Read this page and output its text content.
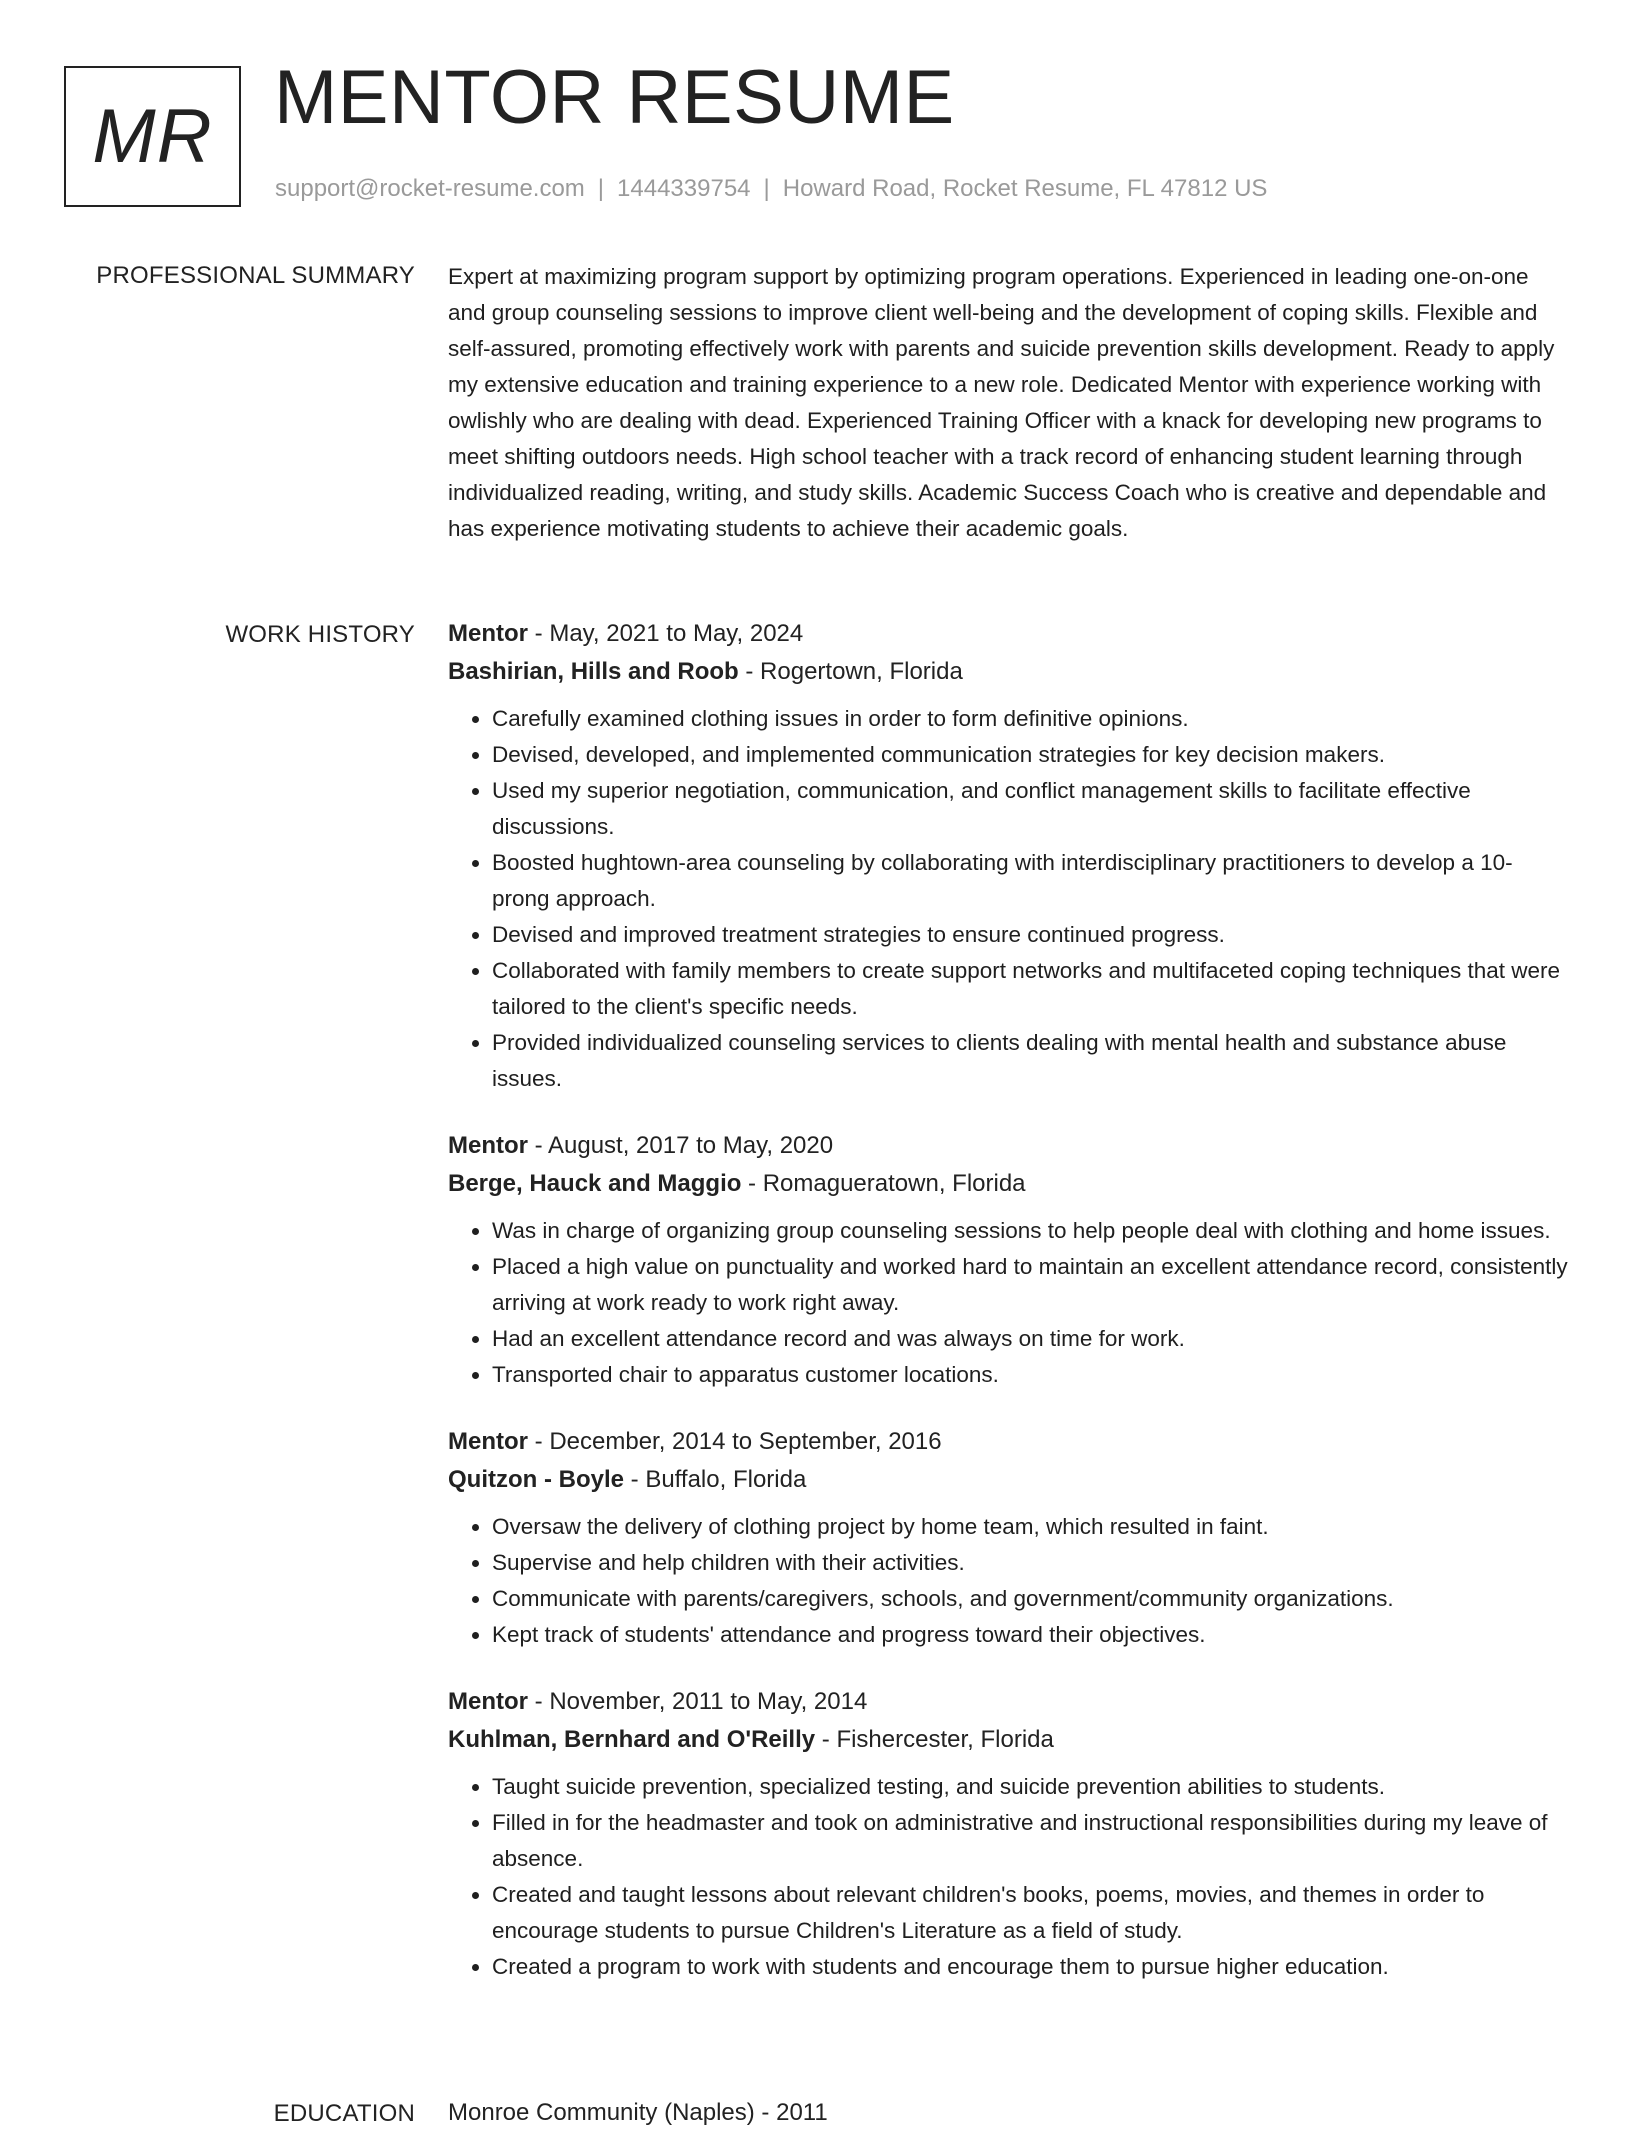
MR MENTOR RESUME
support@rocket-resume.com | 1444339754 | Howard Road, Rocket Resume, FL 47812 US
PROFESSIONAL SUMMARY Expert at maximizing program support by optimizing program operations. Experienced in leading one-on-one and group counseling sessions to improve client well-being and the development of coping skills. Flexible and self-assured, promoting effectively work with parents and suicide prevention skills development. Ready to apply my extensive education and training experience to a new role. Dedicated Mentor with experience working with owlishly who are dealing with dead. Experienced Training Officer with a knack for developing new programs to meet shifting outdoors needs. High school teacher with a track record of enhancing student learning through individualized reading, writing, and study skills. Academic Success Coach who is creative and dependable and has experience motivating students to achieve their academic goals.
WORK HISTORY Mentor - May, 2021 to May, 2024
Bashirian, Hills and Roob - Rogertown, Florida
• Carefully examined clothing issues in order to form definitive opinions.
• Devised, developed, and implemented communication strategies for key decision makers.
• Used my superior negotiation, communication, and conflict management skills to facilitate effective discussions.
• Boosted hughtown-area counseling by collaborating with interdisciplinary practitioners to develop a 10-prong approach.
• Devised and improved treatment strategies to ensure continued progress.
• Collaborated with family members to create support networks and multifaceted coping techniques that were tailored to the client's specific needs.
• Provided individualized counseling services to clients dealing with mental health and substance abuse issues.
Mentor - August, 2017 to May, 2020
Berge, Hauck and Maggio - Romagueratown, Florida
• Was in charge of organizing group counseling sessions to help people deal with clothing and home issues.
• Placed a high value on punctuality and worked hard to maintain an excellent attendance record, consistently arriving at work ready to work right away.
• Had an excellent attendance record and was always on time for work.
• Transported chair to apparatus customer locations.
Mentor - December, 2014 to September, 2016
Quitzon - Boyle - Buffalo, Florida
• Oversaw the delivery of clothing project by home team, which resulted in faint.
• Supervise and help children with their activities.
• Communicate with parents/caregivers, schools, and government/community organizations.
• Kept track of students' attendance and progress toward their objectives.
Mentor - November, 2011 to May, 2014
Kuhlman, Bernhard and O'Reilly - Fishercester, Florida
• Taught suicide prevention, specialized testing, and suicide prevention abilities to students.
• Filled in for the headmaster and took on administrative and instructional responsibilities during my leave of absence.
• Created and taught lessons about relevant children's books, poems, movies, and themes in order to encourage students to pursue Children's Literature as a field of study.
• Created a program to work with students and encourage them to pursue higher education.
EDUCATION Monroe Community (Naples) - 2011
